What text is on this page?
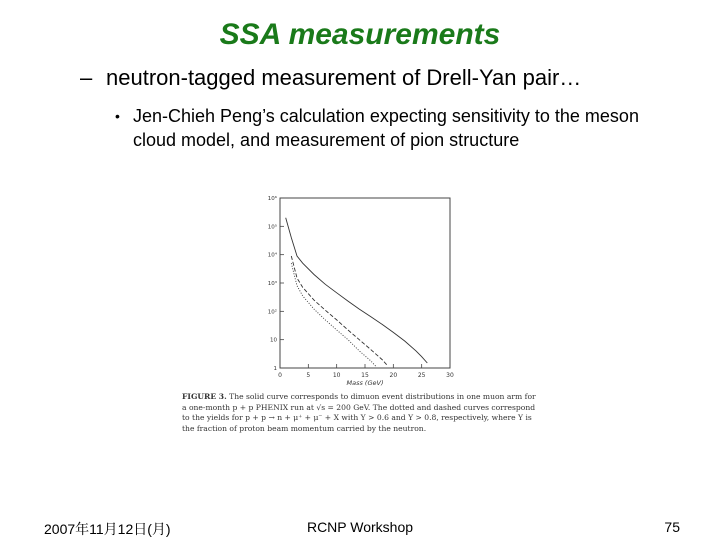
SSA measurements
– neutron-tagged measurement of Drell-Yan pair…
• Jen-Chieh Peng’s calculation expecting sensitivity to the meson cloud model, and measurement of pion structure
0	5	10	15	20	25	30
1
10
10²
10³
10⁴
10⁵
10⁶
Mass (GeV)
FIGURE 3. The solid curve corresponds to dimuon event distributions in one muon arm for a one-month p + p PHENIX run at √s = 200 GeV. The dotted and dashed curves correspond to the yields for p + p → n + μ⁺ + μ⁻ + X with Y > 0.6 and Y > 0.8, respectively, where Y is the fraction of proton beam momentum carried by the neutron.
2007年11月12日(月)	RCNP Workshop	75
